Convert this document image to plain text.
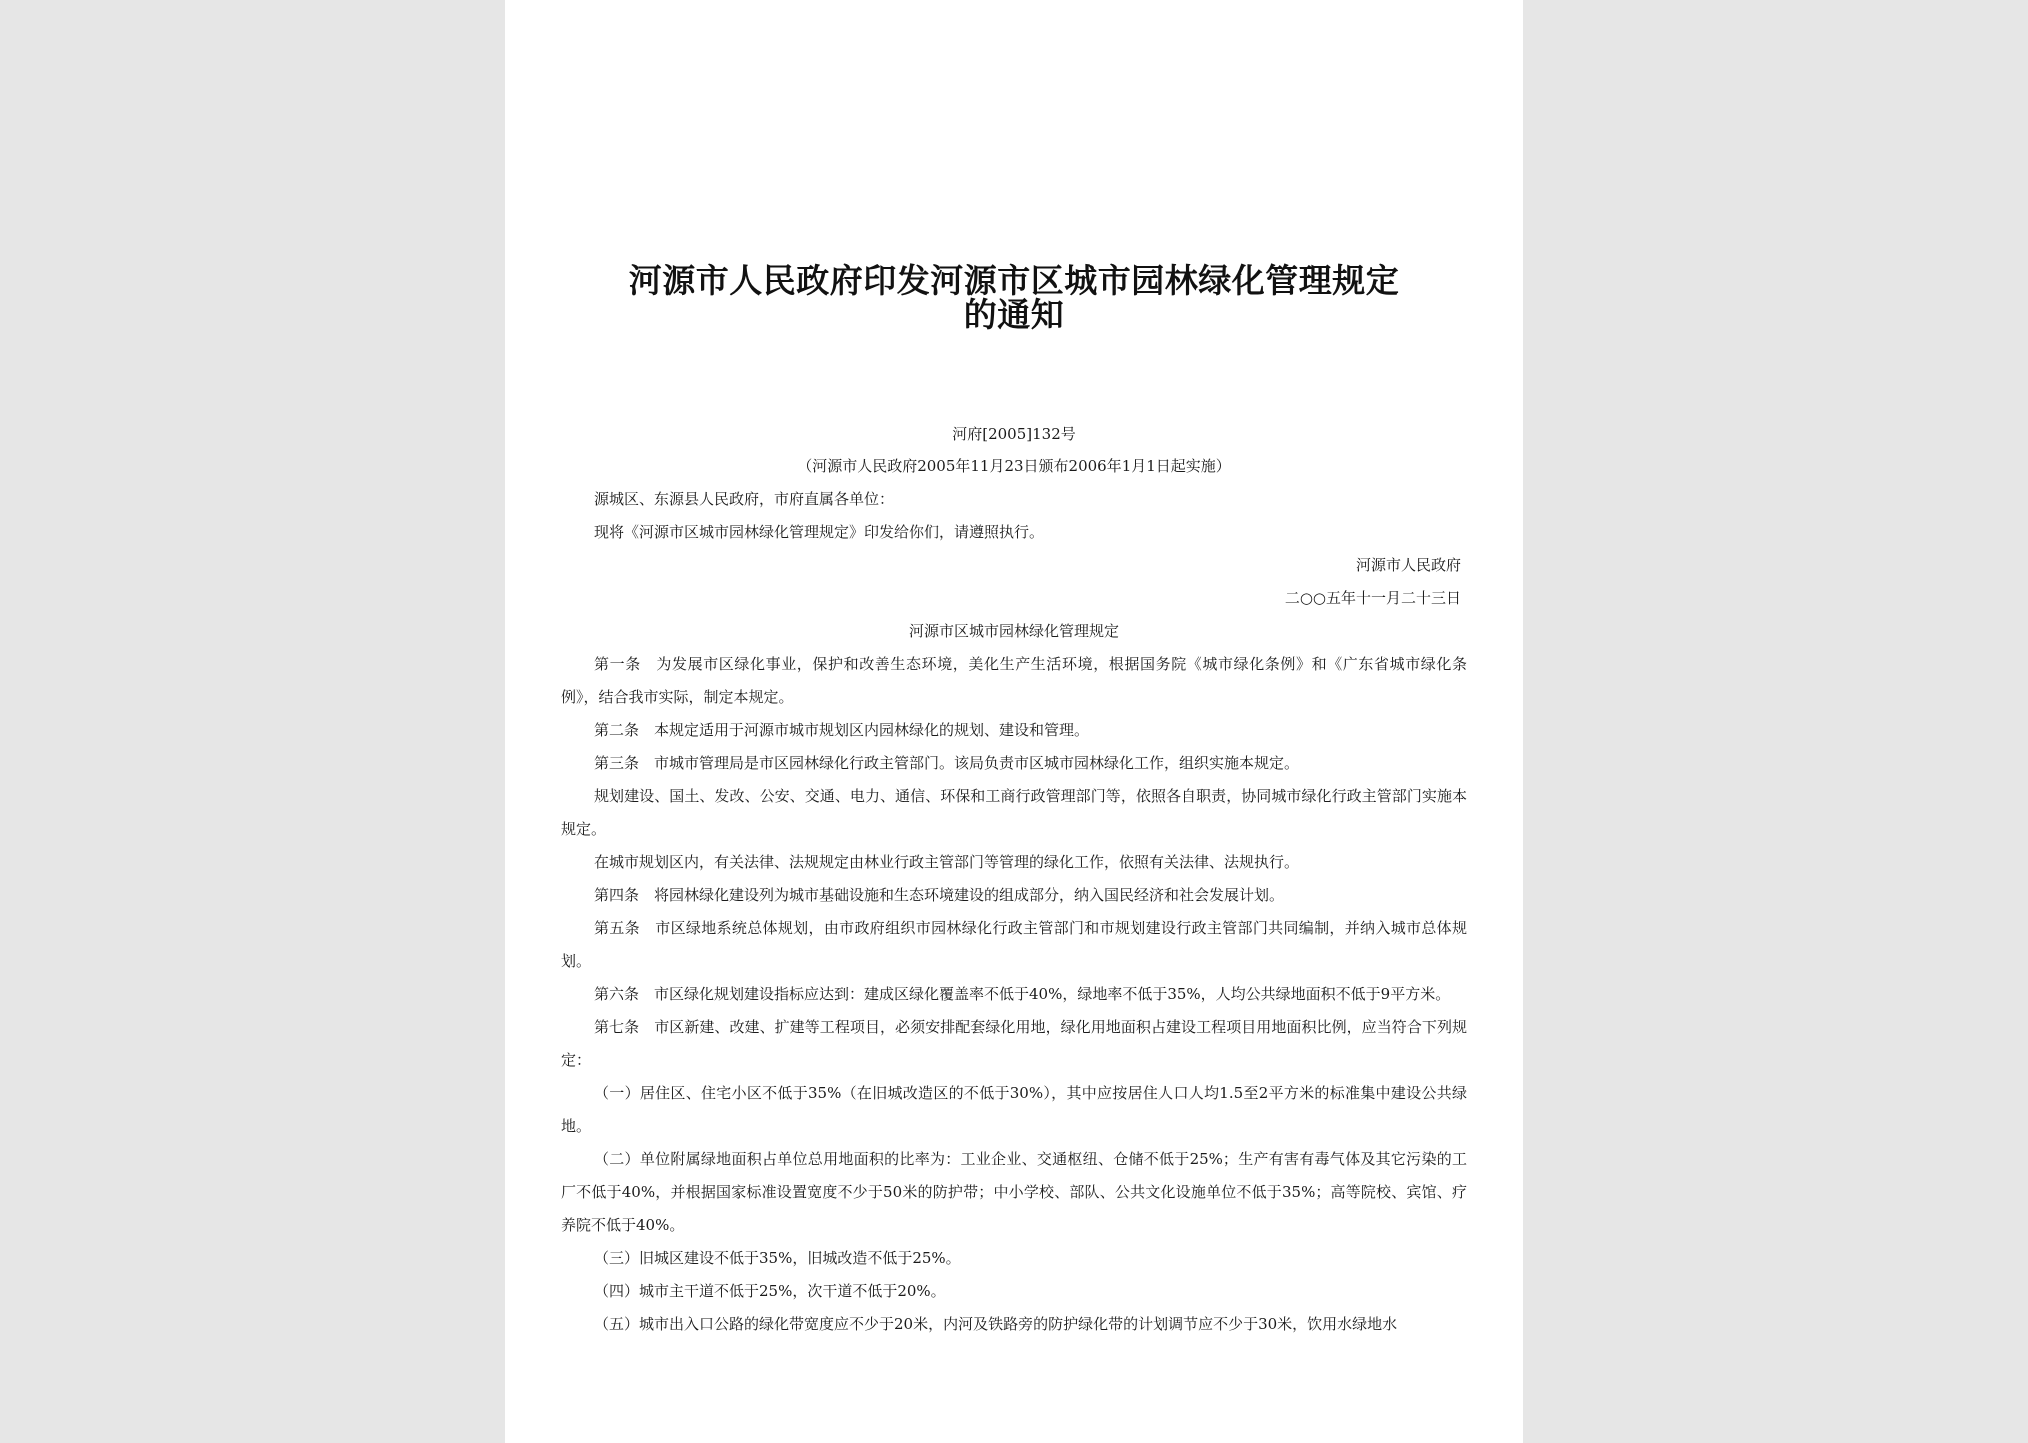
河源市人民政府印发河源市区城市园林绿化管理规定
的通知
河府[2005]132号
（河源市人民政府2005年11月23日颁布2006年1月1日起实施）

源城区、东源县人民政府，市府直属各单位：

现将《河源市区城市园林绿化管理规定》印发给你们，请遵照执行。

河源市人民政府

二○○五年十一月二十三日

河源市区城市园林绿化管理规定

第一条　为发展市区绿化事业，保护和改善生态环境，美化生产生活环境，根据国务院《城市绿化条例》和《广东省城市绿化条例》，结合我市实际，制定本规定。

第二条　本规定适用于河源市城市规划区内园林绿化的规划、建设和管理。

第三条　市城市管理局是市区园林绿化行政主管部门。该局负责市区城市园林绿化工作，组织实施本规定。

规划建设、国土、发改、公安、交通、电力、通信、环保和工商行政管理部门等，依照各自职责，协同城市绿化行政主管部门实施本规定。

在城市规划区内，有关法律、法规规定由林业行政主管部门等管理的绿化工作，依照有关法律、法规执行。

第四条　将园林绿化建设列为城市基础设施和生态环境建设的组成部分，纳入国民经济和社会发展计划。

第五条　市区绿地系统总体规划，由市政府组织市园林绿化行政主管部门和市规划建设行政主管部门共同编制，并纳入城市总体规划。

第六条　市区绿化规划建设指标应达到：建成区绿化覆盖率不低于40%，绿地率不低于35%，人均公共绿地面积不低于9平方米。

第七条　市区新建、改建、扩建等工程项目，必须安排配套绿化用地，绿化用地面积占建设工程项目用地面积比例，应当符合下列规定：

（一）居住区、住宅小区不低于35%（在旧城改造区的不低于30%），其中应按居住人口人均1.5至2平方米的标准集中建设公共绿地。

（二）单位附属绿地面积占单位总用地面积的比率为：工业企业、交通枢纽、仓储不低于25%；生产有害有毒气体及其它污染的工厂不低于40%，并根据国家标准设置宽度不少于50米的防护带；中小学校、部队、公共文化设施单位不低于35%；高等院校、宾馆、疗养院不低于40%。

（三）旧城区建设不低于35%，旧城改造不低于25%。

（四）城市主干道不低于25%，次干道不低于20%。

（五）城市出入口公路的绿化带宽度应不少于20米，内河及铁路旁的防护绿化带的计划调节应不少于30米，饮用水绿地水
